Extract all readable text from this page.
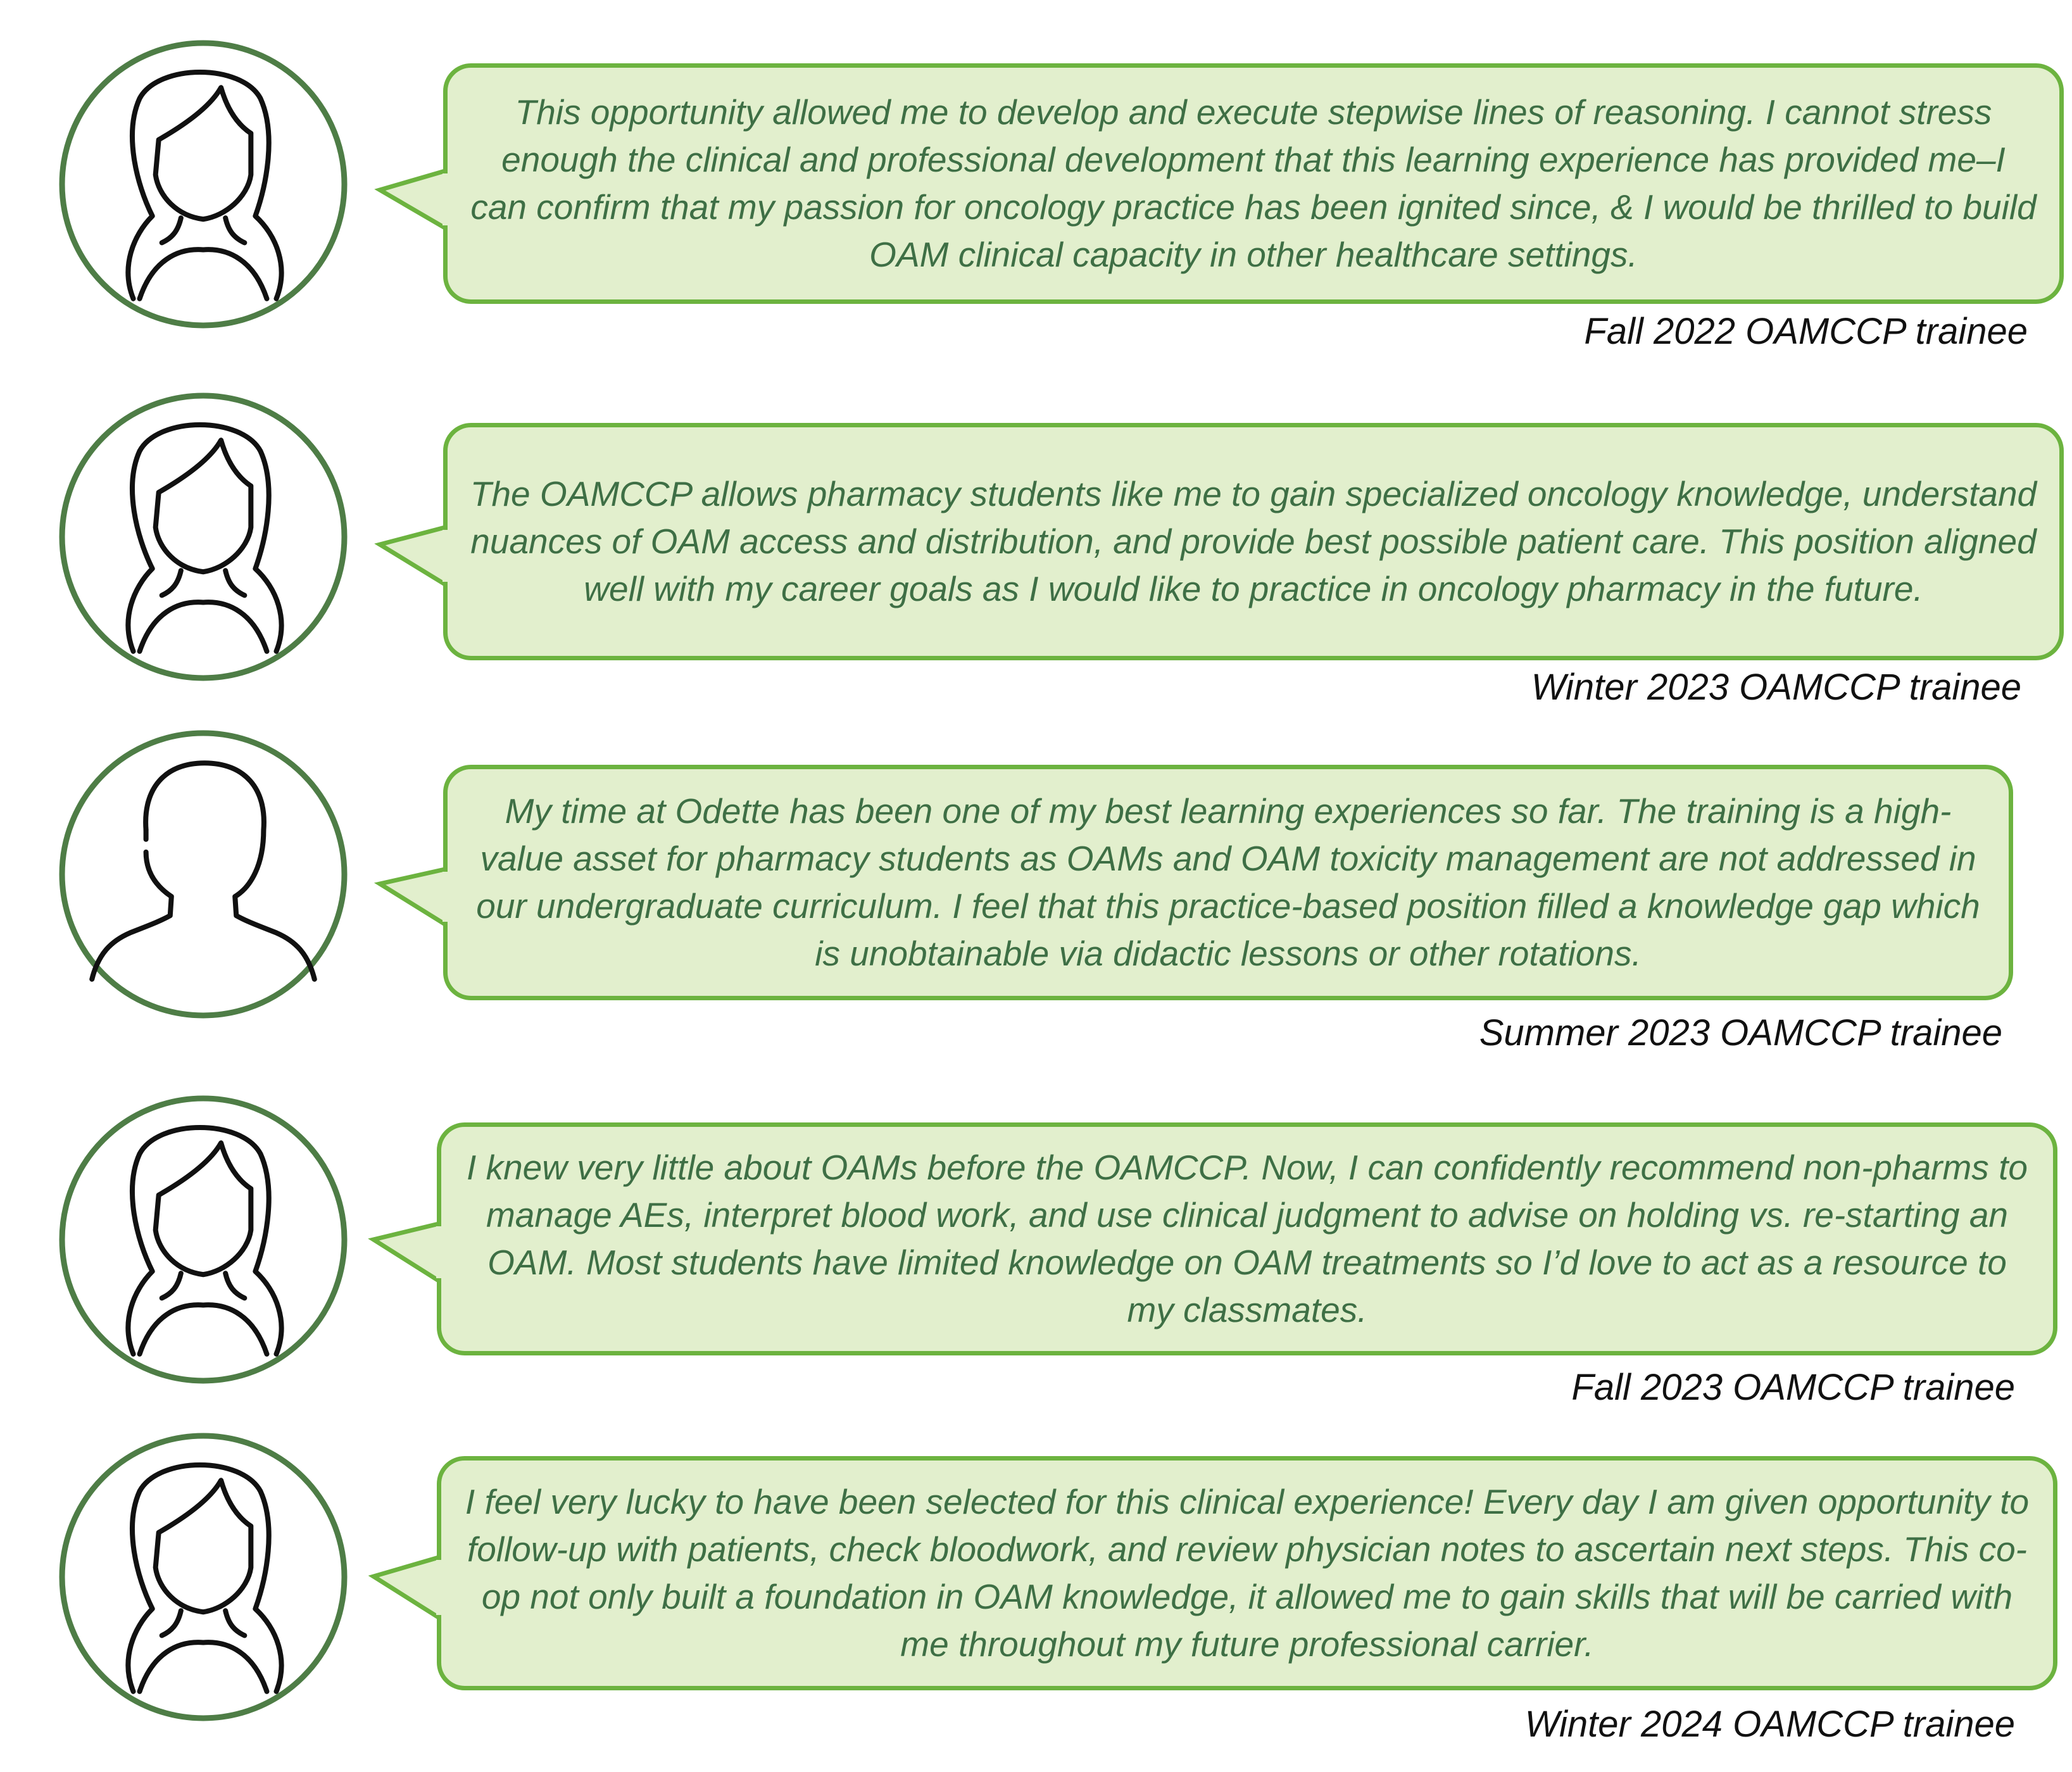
This opportunity allowed me to develop and execute stepwise lines of reasoning. I cannot stress enough the clinical and professional development that this learning experience has provided me–I can confirm that my passion for oncology practice has been ignited since, & I would be thrilled to build OAM clinical capacity in other healthcare settings.

Fall 2022 OAMCCP trainee

The OAMCCP allows pharmacy students like me to gain specialized oncology knowledge, understand nuances of OAM access and distribution, and provide best possible patient care. This position aligned well with my career goals as I would like to practice in oncology pharmacy in the future.

Winter 2023 OAMCCP trainee

My time at Odette has been one of my best learning experiences so far. The training is a high-value asset for pharmacy students as OAMs and OAM toxicity management are not addressed in our undergraduate curriculum. I feel that this practice-based position filled a knowledge gap which is unobtainable via didactic lessons or other rotations.

Summer 2023 OAMCCP trainee

I knew very little about OAMs before the OAMCCP. Now, I can confidently recommend non-pharms to manage AEs, interpret blood work, and use clinical judgment to advise on holding vs. re-starting an OAM. Most students have limited knowledge on OAM treatments so I’d love to act as a resource to my classmates.

Fall 2023 OAMCCP trainee

I feel very lucky to have been selected for this clinical experience! Every day I am given opportunity to follow-up with patients, check bloodwork, and review physician notes to ascertain next steps. This co-op not only built a foundation in OAM knowledge, it allowed me to gain skills that will be carried with me throughout my future professional carrier.

Winter 2024 OAMCCP trainee
